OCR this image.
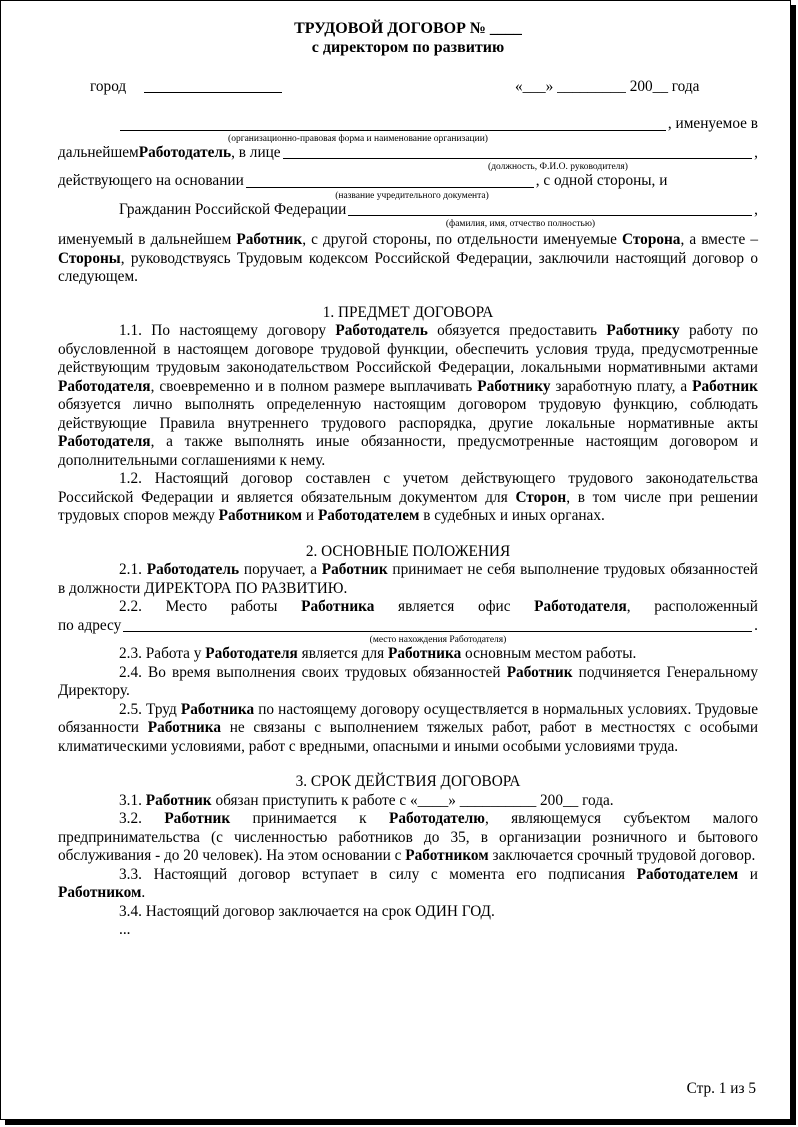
ТРУДОВОЙ ДОГОВОР № ____
с директором по развитию
город	«___» _________ 200__ года
, именуемое в
(организационно-правовая форма и наименование организации)
дальнейшем Работодатель , в лице	,
(должность, Ф.И.О. руководителя)
действующего на основании	, с одной стороны, и
(название учредительного документа)
Гражданин Российской Федерации	,
(фамилия, имя, отчество полностью)
именуемый в дальнейшем Работник, с другой стороны, по отдельности именуемые Сторона, а вместе – Стороны, руководствуясь Трудовым кодексом Российской Федерации, заключили настоящий договор о следующем.
1. ПРЕДМЕТ ДОГОВОРА
1.1. По настоящему договору Работодатель обязуется предоставить Работнику работу по обусловленной в настоящем договоре трудовой функции, обеспечить условия труда, предусмотренные действующим трудовым законодательством Российской Федерации, локальными нормативными актами Работодателя, своевременно и в полном размере выплачивать Работнику заработную плату, а Работник обязуется лично выполнять определенную настоящим договором трудовую функцию, соблюдать действующие Правила внутреннего трудового распорядка, другие локальные нормативные акты Работодателя, а также выполнять иные обязанности, предусмотренные настоящим договором и дополнительными соглашениями к нему.
1.2. Настоящий договор составлен с учетом действующего трудового законодательства Российской Федерации и является обязательным документом для Сторон, в том числе при решении трудовых споров между Работником и Работодателем в судебных и иных органах.
2. ОСНОВНЫЕ ПОЛОЖЕНИЯ
2.1. Работодатель поручает, а Работник принимает не себя выполнение трудовых обязанностей в должности ДИРЕКТОРА ПО РАЗВИТИЮ.
2.2. Место работы Работника является офис Работодателя, расположенный
по адресу	.
(место нахождения Работодателя)
2.3. Работа у Работодателя является для Работника основным местом работы.
2.4. Во время выполнения своих трудовых обязанностей Работник подчиняется Генеральному Директору.
2.5. Труд Работника по настоящему договору осуществляется в нормальных условиях. Трудовые обязанности Работника не связаны с выполнением тяжелых работ, работ в местностях с особыми климатическими условиями, работ с вредными, опасными и иными особыми условиями труда.
3. СРОК ДЕЙСТВИЯ ДОГОВОРА
3.1. Работник обязан приступить к работе с «____» __________ 200__ года.
3.2. Работник принимается к Работодателю, являющемуся субъектом малого предпринимательства (с численностью работников до 35, в организации розничного и бытового обслуживания - до 20 человек). На этом основании с Работником заключается срочный трудовой договор.
3.3. Настоящий договор вступает в силу с момента его подписания Работодателем и Работником.
3.4. Настоящий договор заключается на срок ОДИН ГОД.
...
Стр. 1 из 5
